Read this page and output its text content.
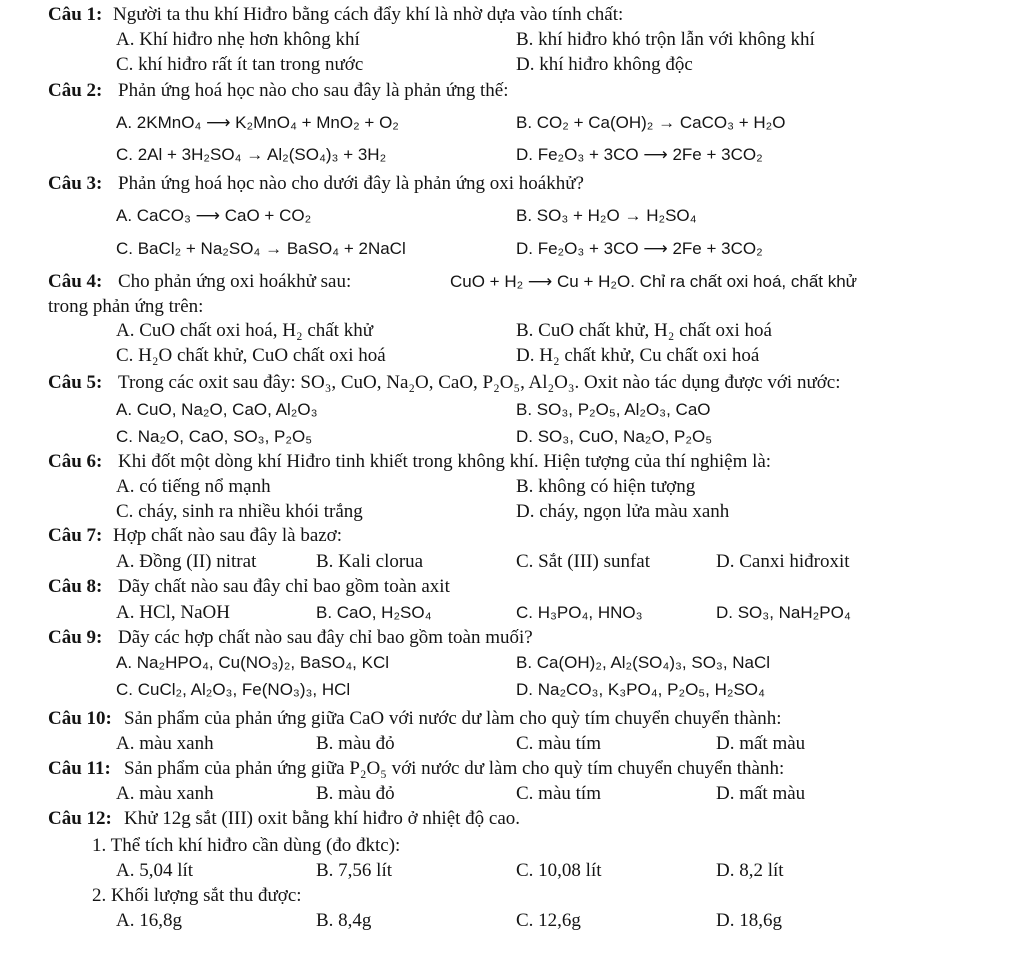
Câu 1: Người ta thu khí Hiđro bằng cách đẩy khí là nhờ dựa vào tính chất:
A. Khí hiđro nhẹ hơn không khí	B. khí hiđro khó trộn lẫn với không khí
C. khí hiđro rất ít tan trong nước	D. khí hiđro không độc
Câu 2: Phản ứng hoá học nào cho sau đây là phản ứng thế:
A. 2KMnO₄ ⟶ K₂MnO₄ + MnO₂ + O₂	B. CO₂ + Ca(OH)₂ → CaCO₃ + H₂O
C. 2Al + 3H₂SO₄ → Al₂(SO₄)₃ + 3H₂	D. Fe₂O₃ + 3CO ⟶ 2Fe + 3CO₂
Câu 3: Phản ứng hoá học nào cho dưới đây là phản ứng oxi hoákhử?
A. CaCO₃ ⟶ CaO + CO₂	B. SO₃ + H₂O → H₂SO₄
C. BaCl₂ + Na₂SO₄ → BaSO₄ + 2NaCl	D. Fe₂O₃ + 3CO ⟶ 2Fe + 3CO₂
Câu 4: Cho phản ứng oxi hoákhử sau:	CuO + H₂ ⟶ Cu + H₂O. Chỉ ra chất oxi hoá, chất khử
trong phản ứng trên:
A. CuO chất oxi hoá, H₂ chất khử	B. CuO chất khử, H₂ chất oxi hoá
C. H₂O chất khử, CuO chất oxi hoá	D. H₂ chất khử, Cu chất oxi hoá
Câu 5: Trong các oxit sau đây: SO₃, CuO, Na₂O, CaO, P₂O₅, Al₂O₃. Oxit nào tác dụng được với nước:
A. CuO, Na₂O, CaO, Al₂O₃	B. SO₃, P₂O₅, Al₂O₃, CaO
C. Na₂O, CaO, SO₃, P₂O₅	D. SO₃, CuO, Na₂O, P₂O₅
Câu 6: Khi đốt một dòng khí Hiđro tinh khiết trong không khí. Hiện tượng của thí nghiệm là:
A. có tiếng nổ mạnh	B. không có hiện tượng
C. cháy, sinh ra nhiều khói trắng	D. cháy, ngọn lửa màu xanh
Câu 7: Hợp chất nào sau đây là bazơ:
A. Đồng (II) nitrat	B. Kali clorua	C. Sắt (III) sunfat	D. Canxi hiđroxit
Câu 8: Dãy chất nào sau đây chỉ bao gồm toàn axit
A. HCl, NaOH	B. CaO, H₂SO₄	C. H₃PO₄, HNO₃	D. SO₃, NaH₂PO₄
Câu 9: Dãy các hợp chất nào sau đây chỉ bao gồm toàn muối?
A. Na₂HPO₄, Cu(NO₃)₂, BaSO₄, KCl	B. Ca(OH)₂, Al₂(SO₄)₃, SO₃, NaCl
C. CuCl₂, Al₂O₃, Fe(NO₃)₃, HCl	D. Na₂CO₃, K₃PO₄, P₂O₅, H₂SO₄
Câu 10: Sản phẩm của phản ứng giữa CaO với nước dư làm cho quỳ tím chuyển chuyển thành:
A. màu xanh	B. màu đỏ	C. màu tím	D. mất màu
Câu 11: Sản phẩm của phản ứng giữa P₂O₅ với nước dư làm cho quỳ tím chuyển chuyển thành:
A. màu xanh	B. màu đỏ	C. màu tím	D. mất màu
Câu 12: Khử 12g sắt (III) oxit bằng khí hiđro ở nhiệt độ cao.
1. Thể tích khí hiđro cần dùng (đo đktc):
A. 5,04 lít	B. 7,56 lít	C. 10,08 lít	D. 8,2 lít
2. Khối lượng sắt thu được:
A. 16,8g	B. 8,4g	C. 12,6g	D. 18,6g
